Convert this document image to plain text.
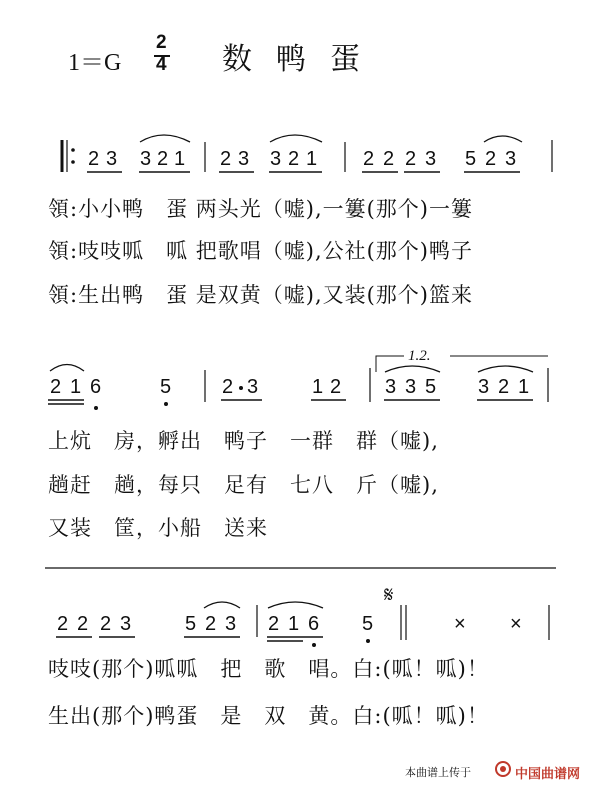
1＝G
2
4 数鸭蛋
2 3 3 2 1 2 3 3 2 1 2 2 2 3 5 2 3
2 1 6	5	2 3	1 2
1.2.
3 3 5 3 2 1
2 2 2 3	5 2 3 2 1 6 5
𝄋
× ×
領:小小鸭　蛋 两头光（嘘),一簍(那个)一簍
領:吱吱呱　呱 把歌唱（嘘),公社(那个)鸭子
領:生出鸭　蛋 是双黄（嘘),又装(那个)篮来
上炕　房，孵出　鸭子　一群　群（嘘),
趟赶　趟，每只　足有　七八　斤（嘘),
又装　筐，小船　送来
吱吱(那个)呱呱　把　歌　唱。白:(呱！呱)！
生出(那个)鸭蛋　是　双　黄。白:(呱！呱)！
本曲谱上传于	中国曲谱网
